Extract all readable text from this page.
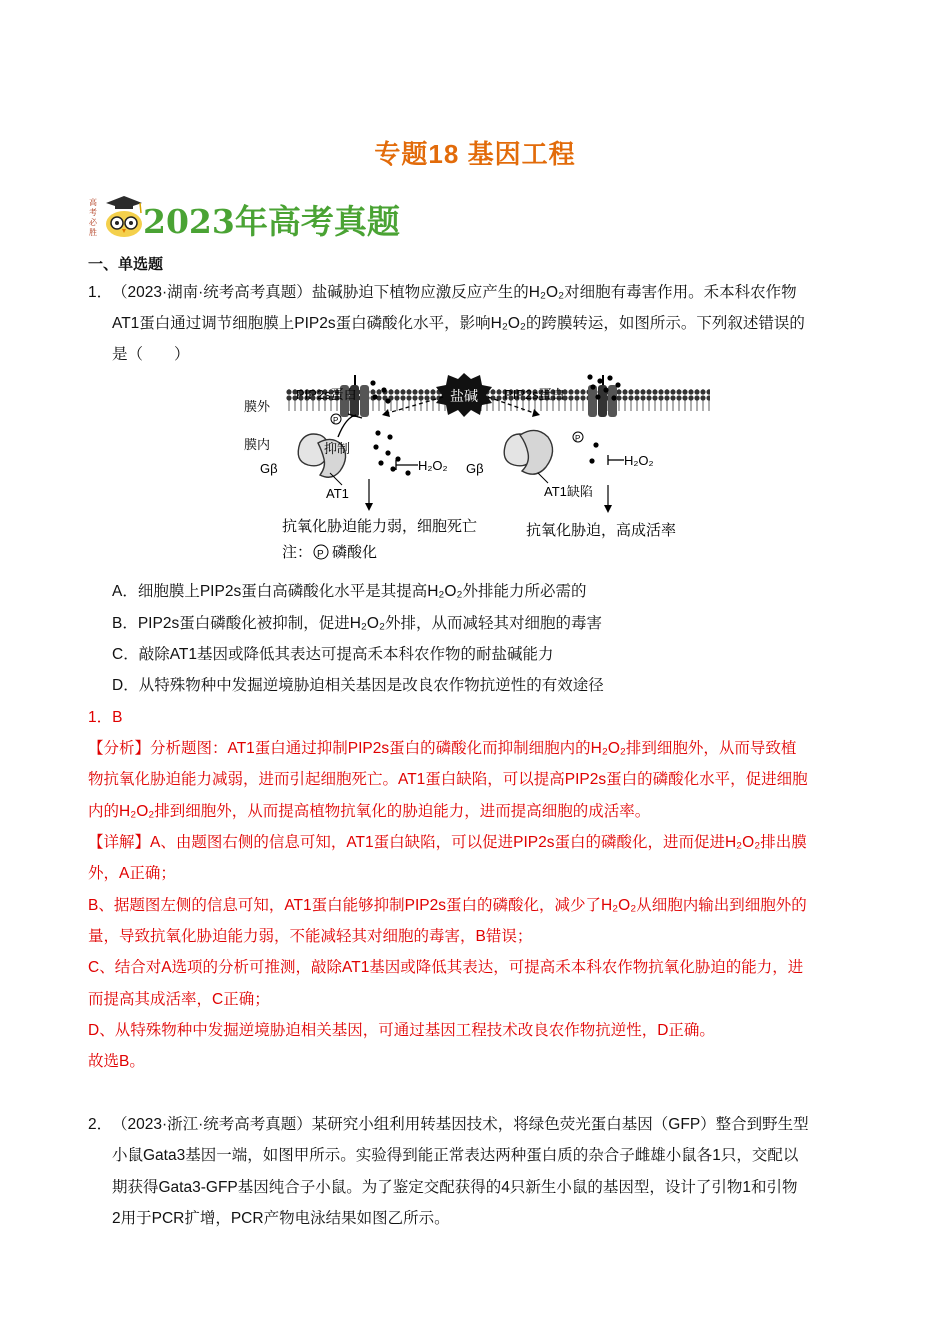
专题18 基因工程
高
考
必
胜 2023年高考真题
一、单选题
1． （2023·湖南·统考高考真题）盐碱胁迫下植物应激反应产生的H₂O₂对细胞有毒害作用。禾本科农作物
AT1蛋白通过调节细胞膜上PIP2s蛋白磷酸化水平，影响H₂O₂的跨膜转运，如图所示。下列叙述错误的
是（　　）
膜外
膜内
PIP2s蛋白
P
H₂O₂
Gβ
抑制
AT1
抗氧化胁迫能力弱，细胞死亡
注： P 磷酸化
盐碱 PIP2s蛋白
P
H₂O₂
Gβ
AT1缺陷
抗氧化胁迫，高成活率
A．细胞膜上PIP2s蛋白高磷酸化水平是其提高H₂O₂外排能力所必需的
B．PIP2s蛋白磷酸化被抑制，促进H₂O₂外排，从而减轻其对细胞的毒害
C．敲除AT1基因或降低其表达可提高禾本科农作物的耐盐碱能力
D．从特殊物种中发掘逆境胁迫相关基因是改良农作物抗逆性的有效途径
1．B
【分析】分析题图：AT1蛋白通过抑制PIP2s蛋白的磷酸化而抑制细胞内的H₂O₂排到细胞外，从而导致植
物抗氧化胁迫能力减弱，进而引起细胞死亡。AT1蛋白缺陷，可以提高PIP2s蛋白的磷酸化水平，促进细胞
内的H₂O₂排到细胞外，从而提高植物抗氧化的胁迫能力，进而提高细胞的成活率。
【详解】A、由题图右侧的信息可知，AT1蛋白缺陷，可以促进PIP2s蛋白的磷酸化，进而促进H₂O₂排出膜
外，A正确；
B、据题图左侧的信息可知，AT1蛋白能够抑制PIP2s蛋白的磷酸化，减少了H₂O₂从细胞内输出到细胞外的
量，导致抗氧化胁迫能力弱，不能减轻其对细胞的毒害，B错误；
C、结合对A选项的分析可推测，敲除AT1基因或降低其表达，可提高禾本科农作物抗氧化胁迫的能力，进
而提高其成活率，C正确；
D、从特殊物种中发掘逆境胁迫相关基因，可通过基因工程技术改良农作物抗逆性，D正确。
故选B。
2． （2023·浙江·统考高考真题）某研究小组利用转基因技术，将绿色荧光蛋白基因（GFP）整合到野生型
小鼠Gata3基因一端，如图甲所示。实验得到能正常表达两种蛋白质的杂合子雌雄小鼠各1只，交配以
期获得Gata3-GFP基因纯合子小鼠。为了鉴定交配获得的4只新生小鼠的基因型，设计了引物1和引物
2用于PCR扩增，PCR产物电泳结果如图乙所示。
